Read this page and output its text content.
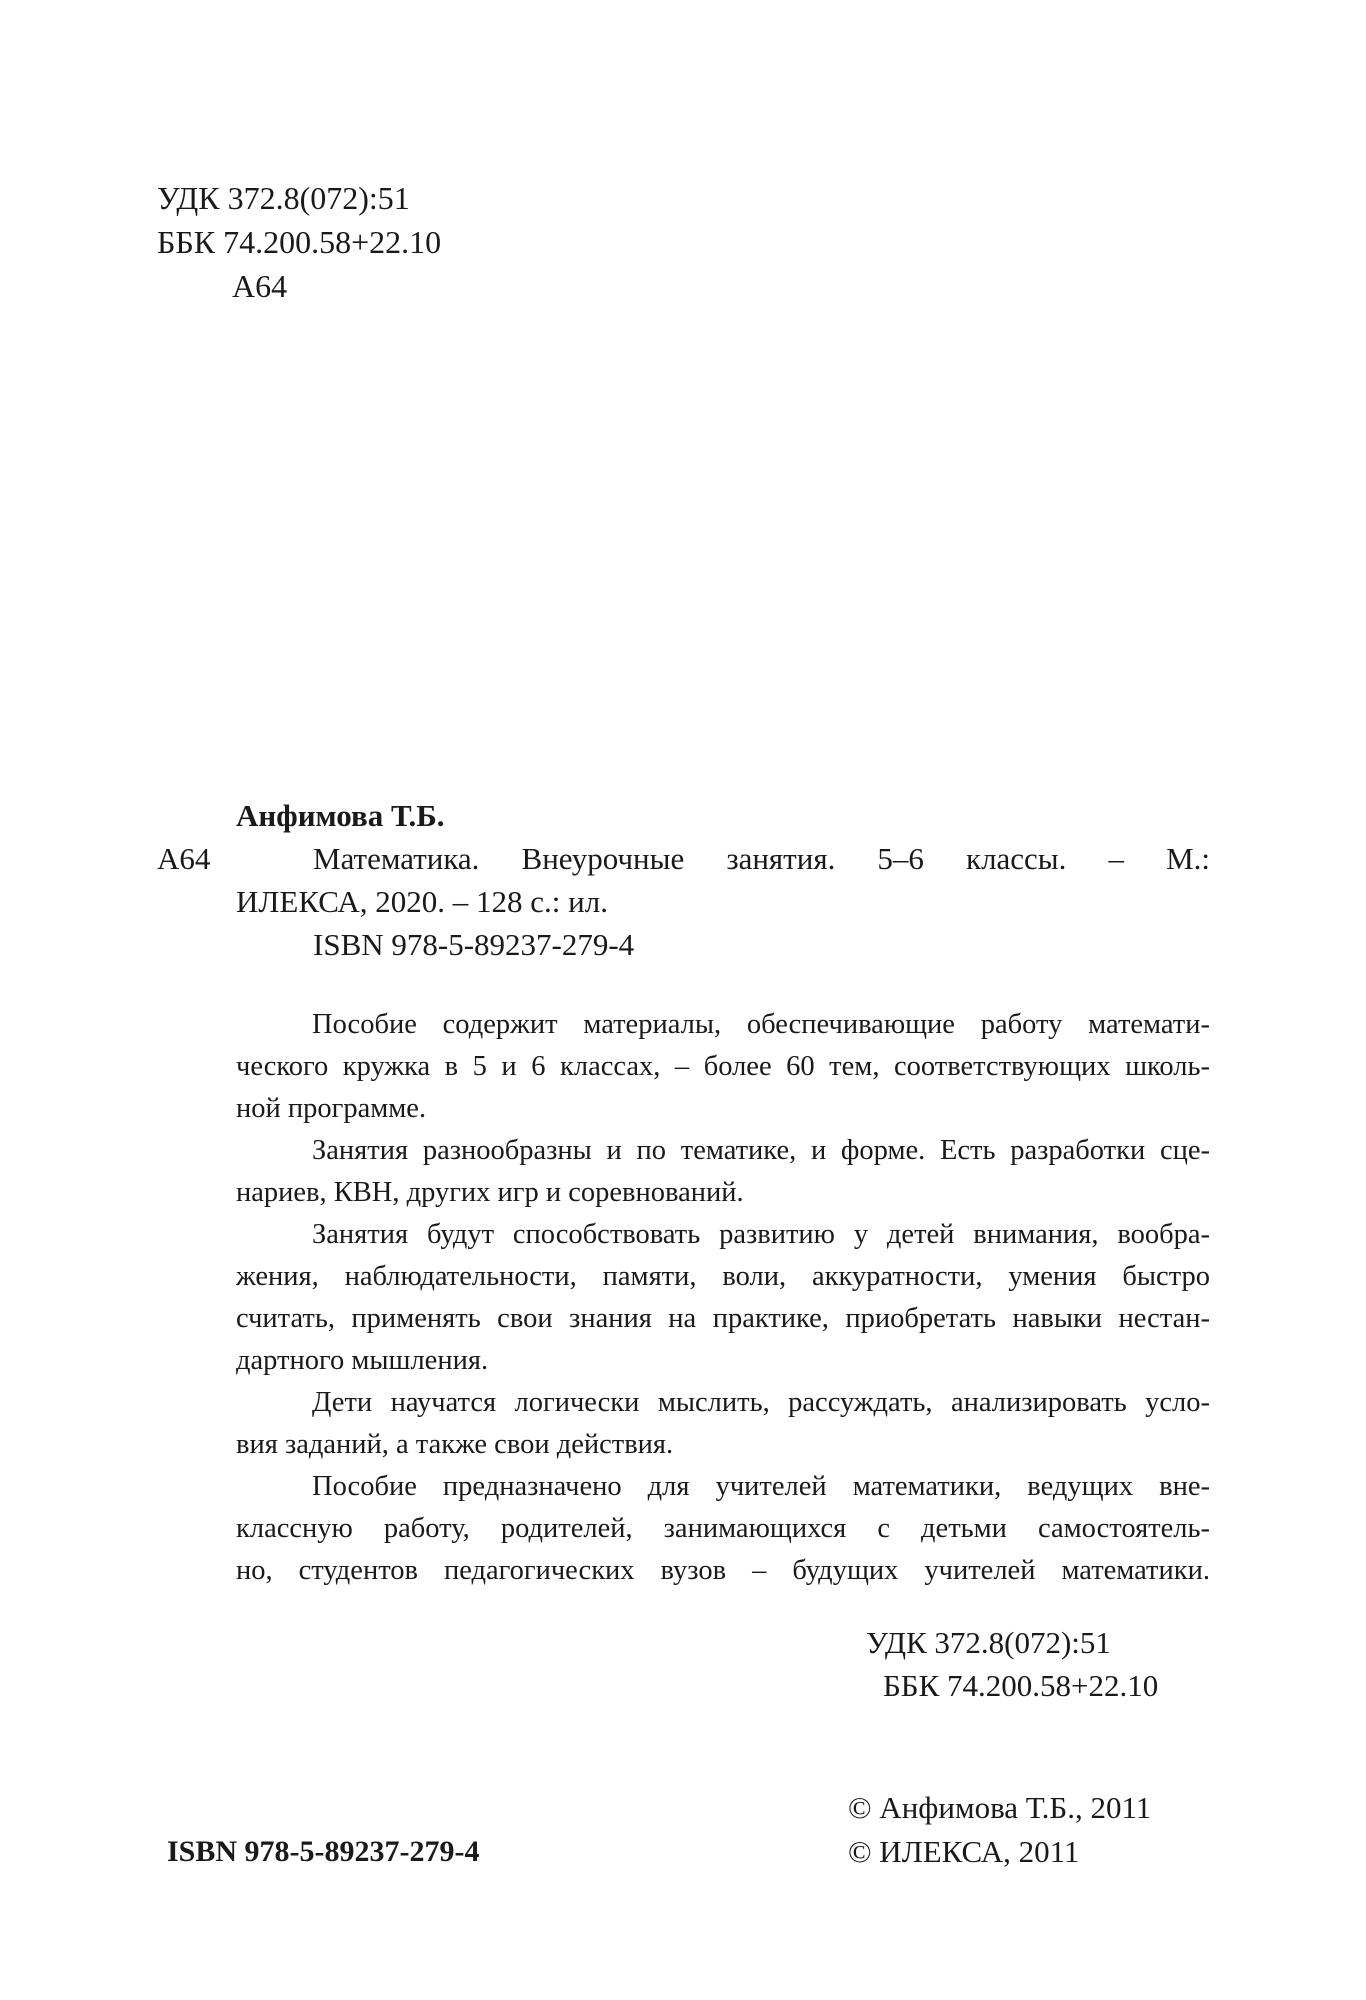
УДК 372.8(072):51
ББК 74.200.58+22.10
А64
Анфимова Т.Б.
А64	Математика. Внеурочные занятия. 5–6 классы. – М.:
ИЛЕКСА, 2020. – 128 с.: ил.
ISBN 978-5-89237-279-4
Пособие содержит материалы, обеспечивающие работу математи-
ческого кружка в 5 и 6 классах, – более 60 тем, соответствующих школь-
ной программе.
Занятия разнообразны и по тематике, и форме. Есть разработки сце-
нариев, КВН, других игр и соревнований.
Занятия будут способствовать развитию у детей внимания, вообра-
жения, наблюдательности, памяти, воли, аккуратности, умения быстро
считать, применять свои знания на практике, приобретать навыки нестан-
дартного мышления.
Дети научатся логически мыслить, рассуждать, анализировать усло-
вия заданий, а также свои действия.
Пособие предназначено для учителей математики, ведущих вне-
классную работу, родителей, занимающихся с детьми самостоятель-
но, студентов педагогических вузов – будущих учителей математики.
УДК 372.8(072):51
ББК 74.200.58+22.10
ISBN 978-5-89237-279-4
© Анфимова Т.Б., 2011
© ИЛЕКСА, 2011
